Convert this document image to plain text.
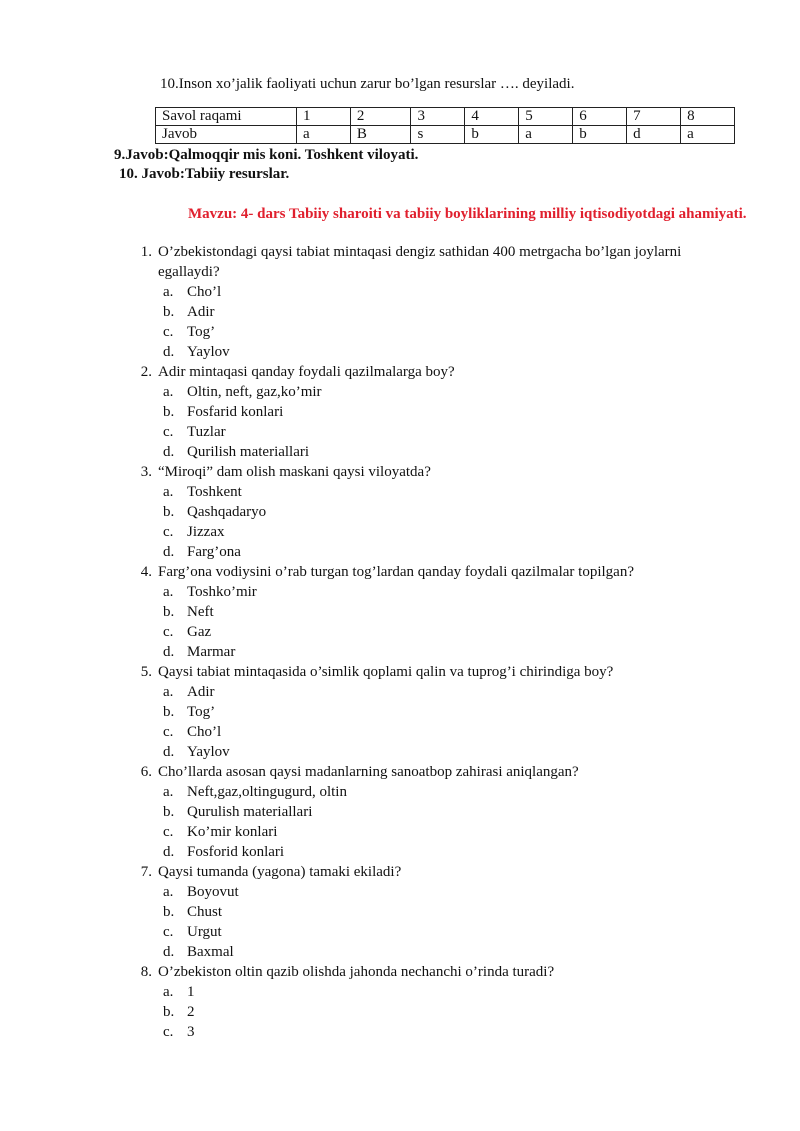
10.Inson xo’jalik faoliyati uchun zarur bo’lgan resurslar …. deyiladi.
Savol raqami	1	2	3	4	5	6	7	8
Javob	a	B	s	b	a	b	d	a
9.Javob:Qalmoqqir mis koni. Toshkent viloyati.
10. Javob:Tabiiy resurslar.
Mavzu: 4- dars Tabiiy sharoiti va tabiiy boyliklarining milliy iqtisodiyotdagi ahamiyati.
1. O’zbekistondagi qaysi tabiat mintaqasi dengiz sathidan 400 metrgacha bo’lgan joylarni egallaydi?
a. Cho’l
b. Adir
c. Tog’
d. Yaylov
2. Adir mintaqasi qanday foydali qazilmalarga boy?
a. Oltin, neft, gaz,ko’mir
b. Fosfarid konlari
c. Tuzlar
d. Qurilish materiallari
3. “Miroqi” dam olish maskani qaysi viloyatda?
a. Toshkent
b. Qashqadaryo
c. Jizzax
d. Farg’ona
4. Farg’ona vodiysini o’rab turgan tog’lardan qanday foydali qazilmalar topilgan?
a. Toshko’mir
b. Neft
c. Gaz
d. Marmar
5. Qaysi tabiat mintaqasida o’simlik qoplami qalin va tuprog’i chirindiga boy?
a. Adir
b. Tog’
c. Cho’l
d. Yaylov
6. Cho’llarda asosan qaysi madanlarning sanoatbop zahirasi aniqlangan?
a. Neft,gaz,oltingugurd, oltin
b. Qurulish materiallari
c. Ko’mir konlari
d. Fosforid konlari
7. Qaysi tumanda (yagona) tamaki ekiladi?
a. Boyovut
b. Chust
c. Urgut
d. Baxmal
8. O’zbekiston oltin qazib olishda jahonda nechanchi o’rinda turadi?
a. 1
b. 2
c. 3
